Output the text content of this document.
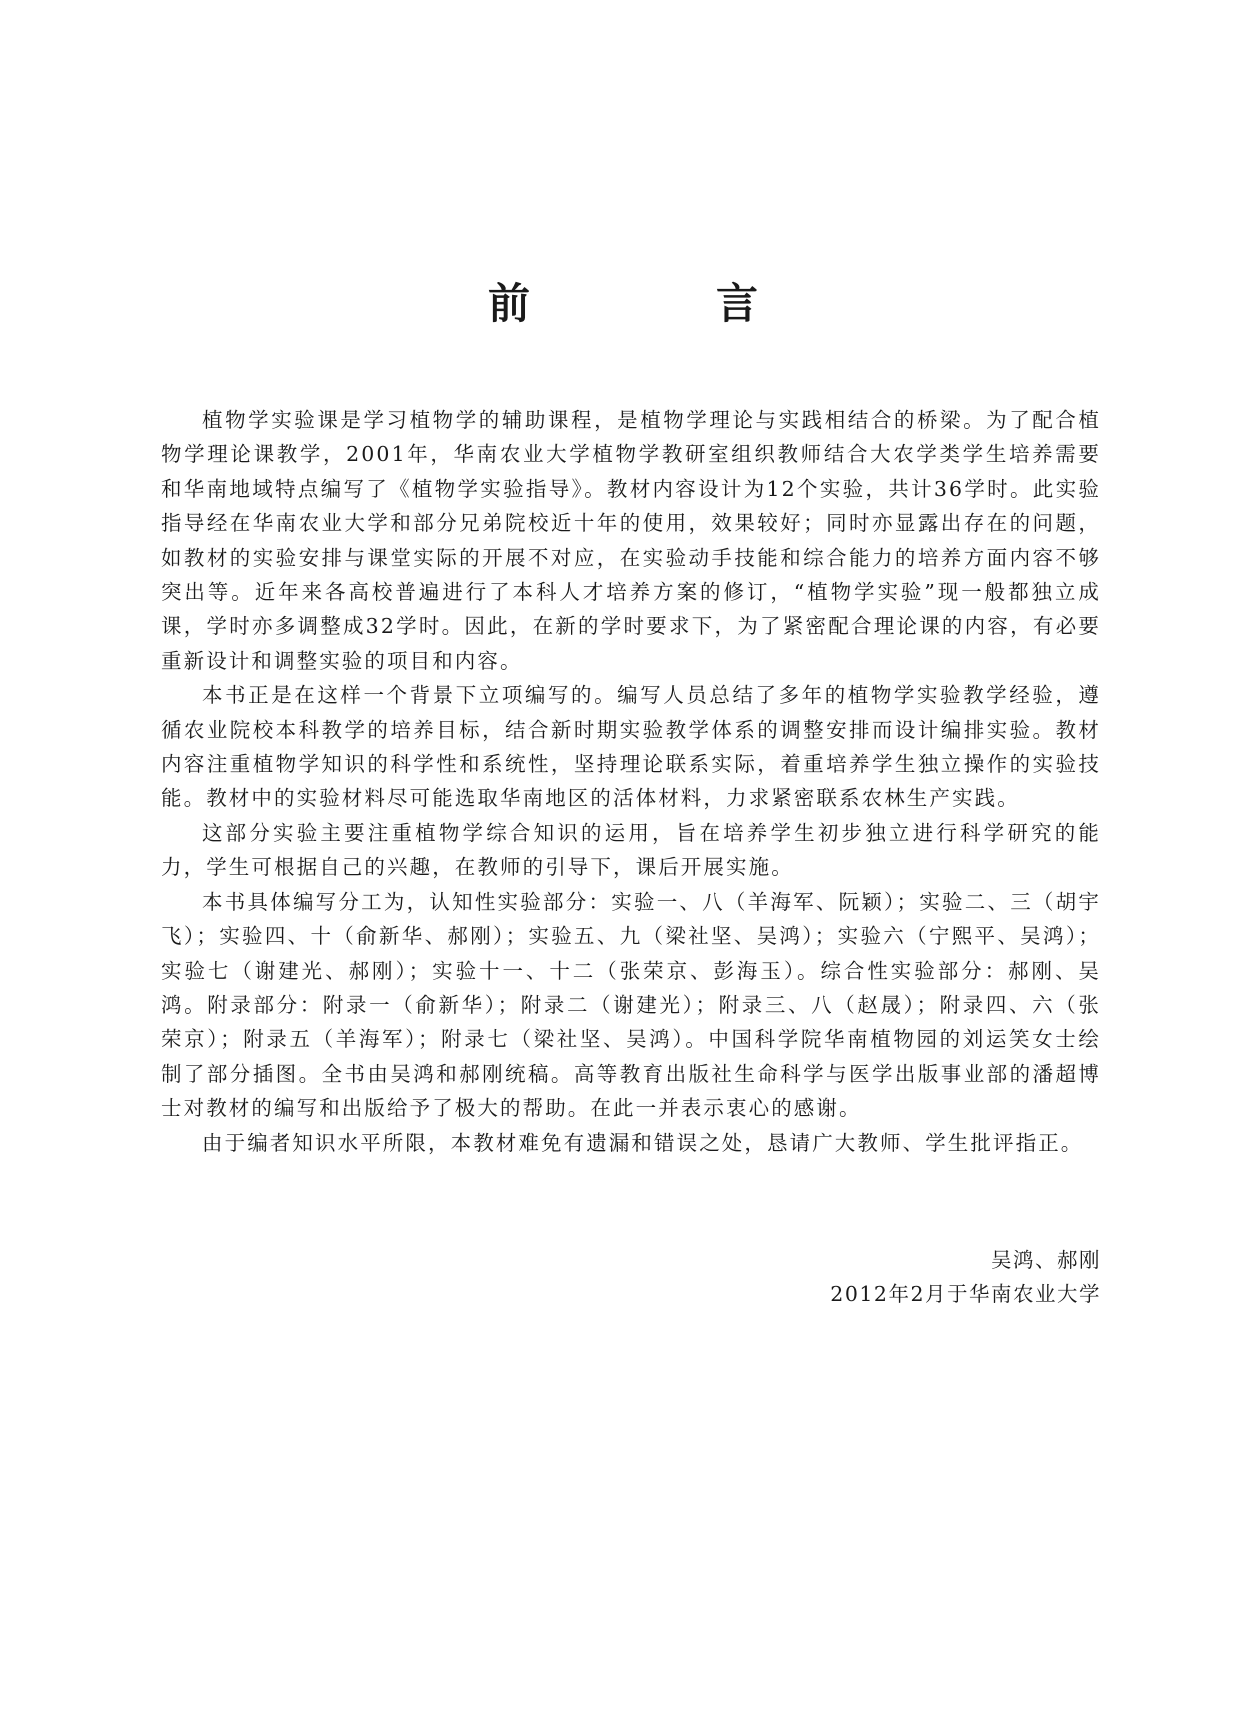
前　言

植物学实验课是学习植物学的辅助课程，是植物学理论与实践相结合的桥梁。为了配合植物学理论课教学，2001年，华南农业大学植物学教研室组织教师结合大农学类学生培养需要和华南地域特点编写了《植物学实验指导》。教材内容设计为12个实验，共计36学时。此实验指导经在华南农业大学和部分兄弟院校近十年的使用，效果较好；同时亦显露出存在的问题，如教材的实验安排与课堂实际的开展不对应，在实验动手技能和综合能力的培养方面内容不够突出等。近年来各高校普遍进行了本科人才培养方案的修订，“植物学实验”现一般都独立成课，学时亦多调整成32学时。因此，在新的学时要求下，为了紧密配合理论课的内容，有必要重新设计和调整实验的项目和内容。

本书正是在这样一个背景下立项编写的。编写人员总结了多年的植物学实验教学经验，遵循农业院校本科教学的培养目标，结合新时期实验教学体系的调整安排而设计编排实验。教材内容注重植物学知识的科学性和系统性，坚持理论联系实际，着重培养学生独立操作的实验技能。教材中的实验材料尽可能选取华南地区的活体材料，力求紧密联系农林生产实践。

这部分实验主要注重植物学综合知识的运用，旨在培养学生初步独立进行科学研究的能力，学生可根据自己的兴趣，在教师的引导下，课后开展实施。

本书具体编写分工为，认知性实验部分：实验一、八（羊海军、阮颖）；实验二、三（胡宇飞）；实验四、十（俞新华、郝刚）；实验五、九（梁社坚、吴鸿）；实验六（宁熙平、吴鸿）；实验七（谢建光、郝刚）；实验十一、十二（张荣京、彭海玉）。综合性实验部分：郝刚、吴鸿。附录部分：附录一（俞新华）；附录二（谢建光）；附录三、八（赵晟）；附录四、六（张荣京）；附录五（羊海军）；附录七（梁社坚、吴鸿）。中国科学院华南植物园的刘运笑女士绘制了部分插图。全书由吴鸿和郝刚统稿。高等教育出版社生命科学与医学出版事业部的潘超博士对教材的编写和出版给予了极大的帮助。在此一并表示衷心的感谢。

由于编者知识水平所限，本教材难免有遗漏和错误之处，恳请广大教师、学生批评指正。

吴鸿、郝刚
2012年2月于华南农业大学
